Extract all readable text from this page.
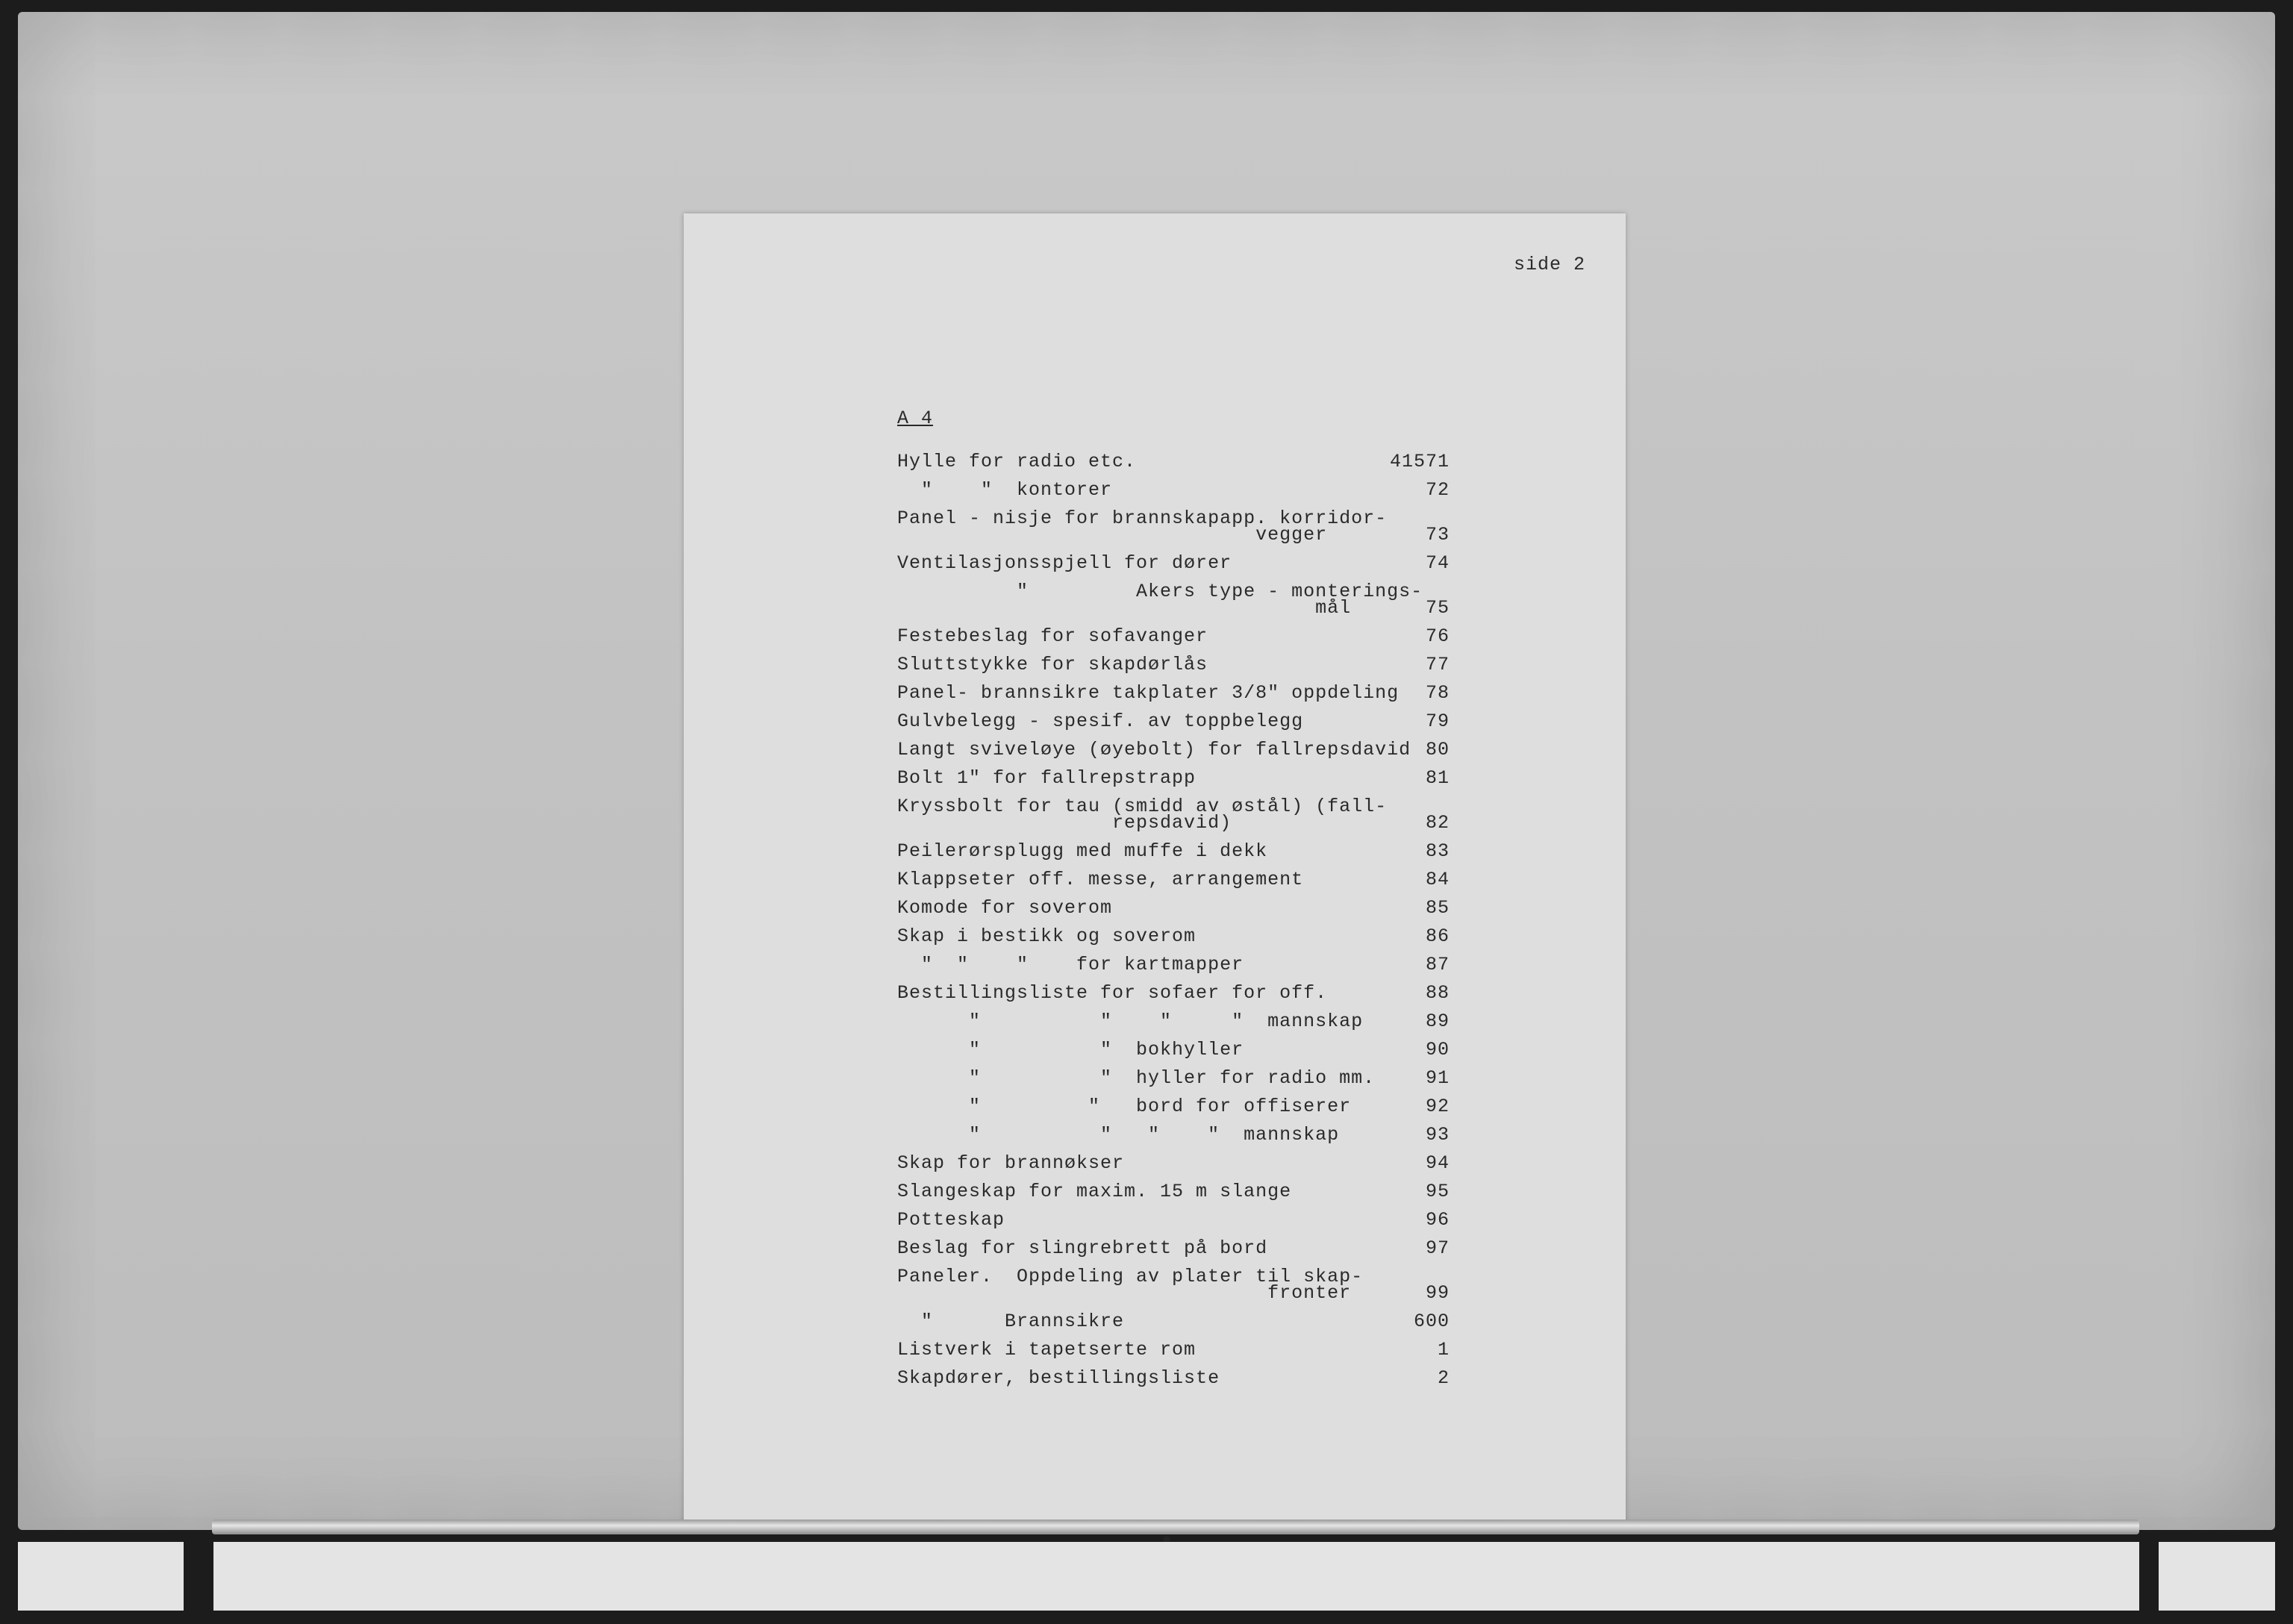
side 2
A 4
Hylle for radio etc.	41571
"    "  kontorer	72
Panel - nisje for brannskapapp. korridor-
vegger	73
Ventilasjonsspjell for dører	74
"         Akers type - monterings-
mål	75
Festebeslag for sofavanger	76
Sluttstykke for skapdørlås	77
Panel- brannsikre takplater 3/8" oppdeling	78
Gulvbelegg - spesif. av toppbelegg	79
Langt sviveløye (øyebolt) for fallrepsdavid 80
Bolt 1" for fallrepstrapp	81
Kryssbolt for tau (smidd av østål) (fall-
repsdavid)	82
Peilerørsplugg med muffe i dekk	83
Klappseter off. messe, arrangement	84
Komode for soverom	85
Skap i bestikk og soverom	86
"  "    "    for kartmapper	87
Bestillingsliste for sofaer for off.	88
"          "    "     "  mannskap	89
"          "  bokhyller	90
"          "  hyller for radio mm.	91
"         "   bord for offiserer	92
"          "   "    "  mannskap	93
Skap for brannøkser	94
Slangeskap for maxim. 15 m slange	95
Potteskap	96
Beslag for slingrebrett på bord	97
Paneler.  Oppdeling av plater til skap-
fronter	99
"      Brannsikre	600
Listverk i tapetserte rom	1
Skapdører, bestillingsliste	2
